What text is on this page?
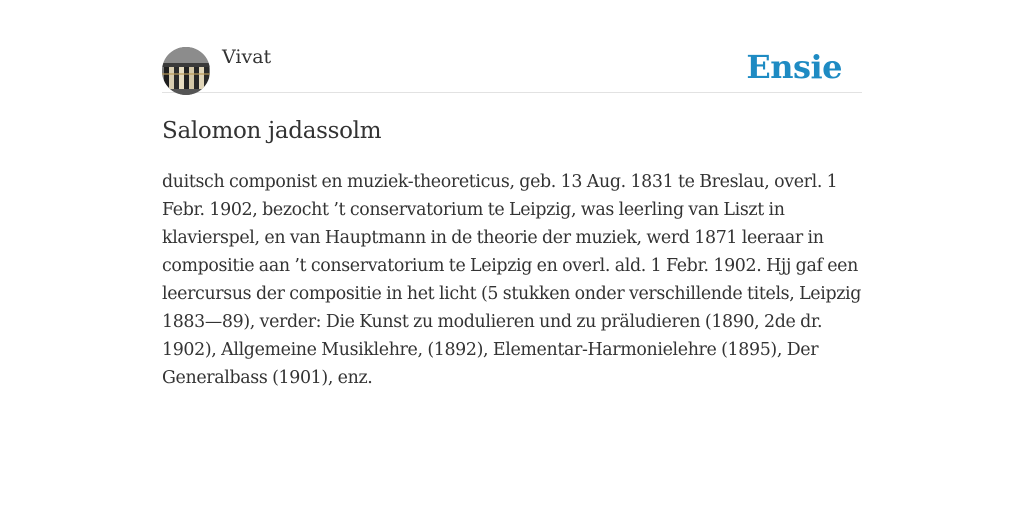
Vivat	Ensie
Salomon jadassolm

duitsch componist en muziek-theoreticus, geb. 13 Aug. 1831 te Breslau, overl. 1 Febr. 1902, bezocht ’t conservatorium te Leipzig, was leerling van Liszt in klavierspel, en van Hauptmann in de theorie der muziek, werd 1871 leeraar in compositie aan ’t conservatorium te Leipzig en overl. ald. 1 Febr. 1902. Hjj gaf een leercursus der compositie in het licht (5 stukken onder verschillende titels, Leipzig 1883—89), verder: Die Kunst zu modulieren und zu präludieren (1890, 2de dr. 1902), Allgemeine Musiklehre, (1892), Elementar-Harmonielehre (1895), Der Generalbass (1901), enz.
